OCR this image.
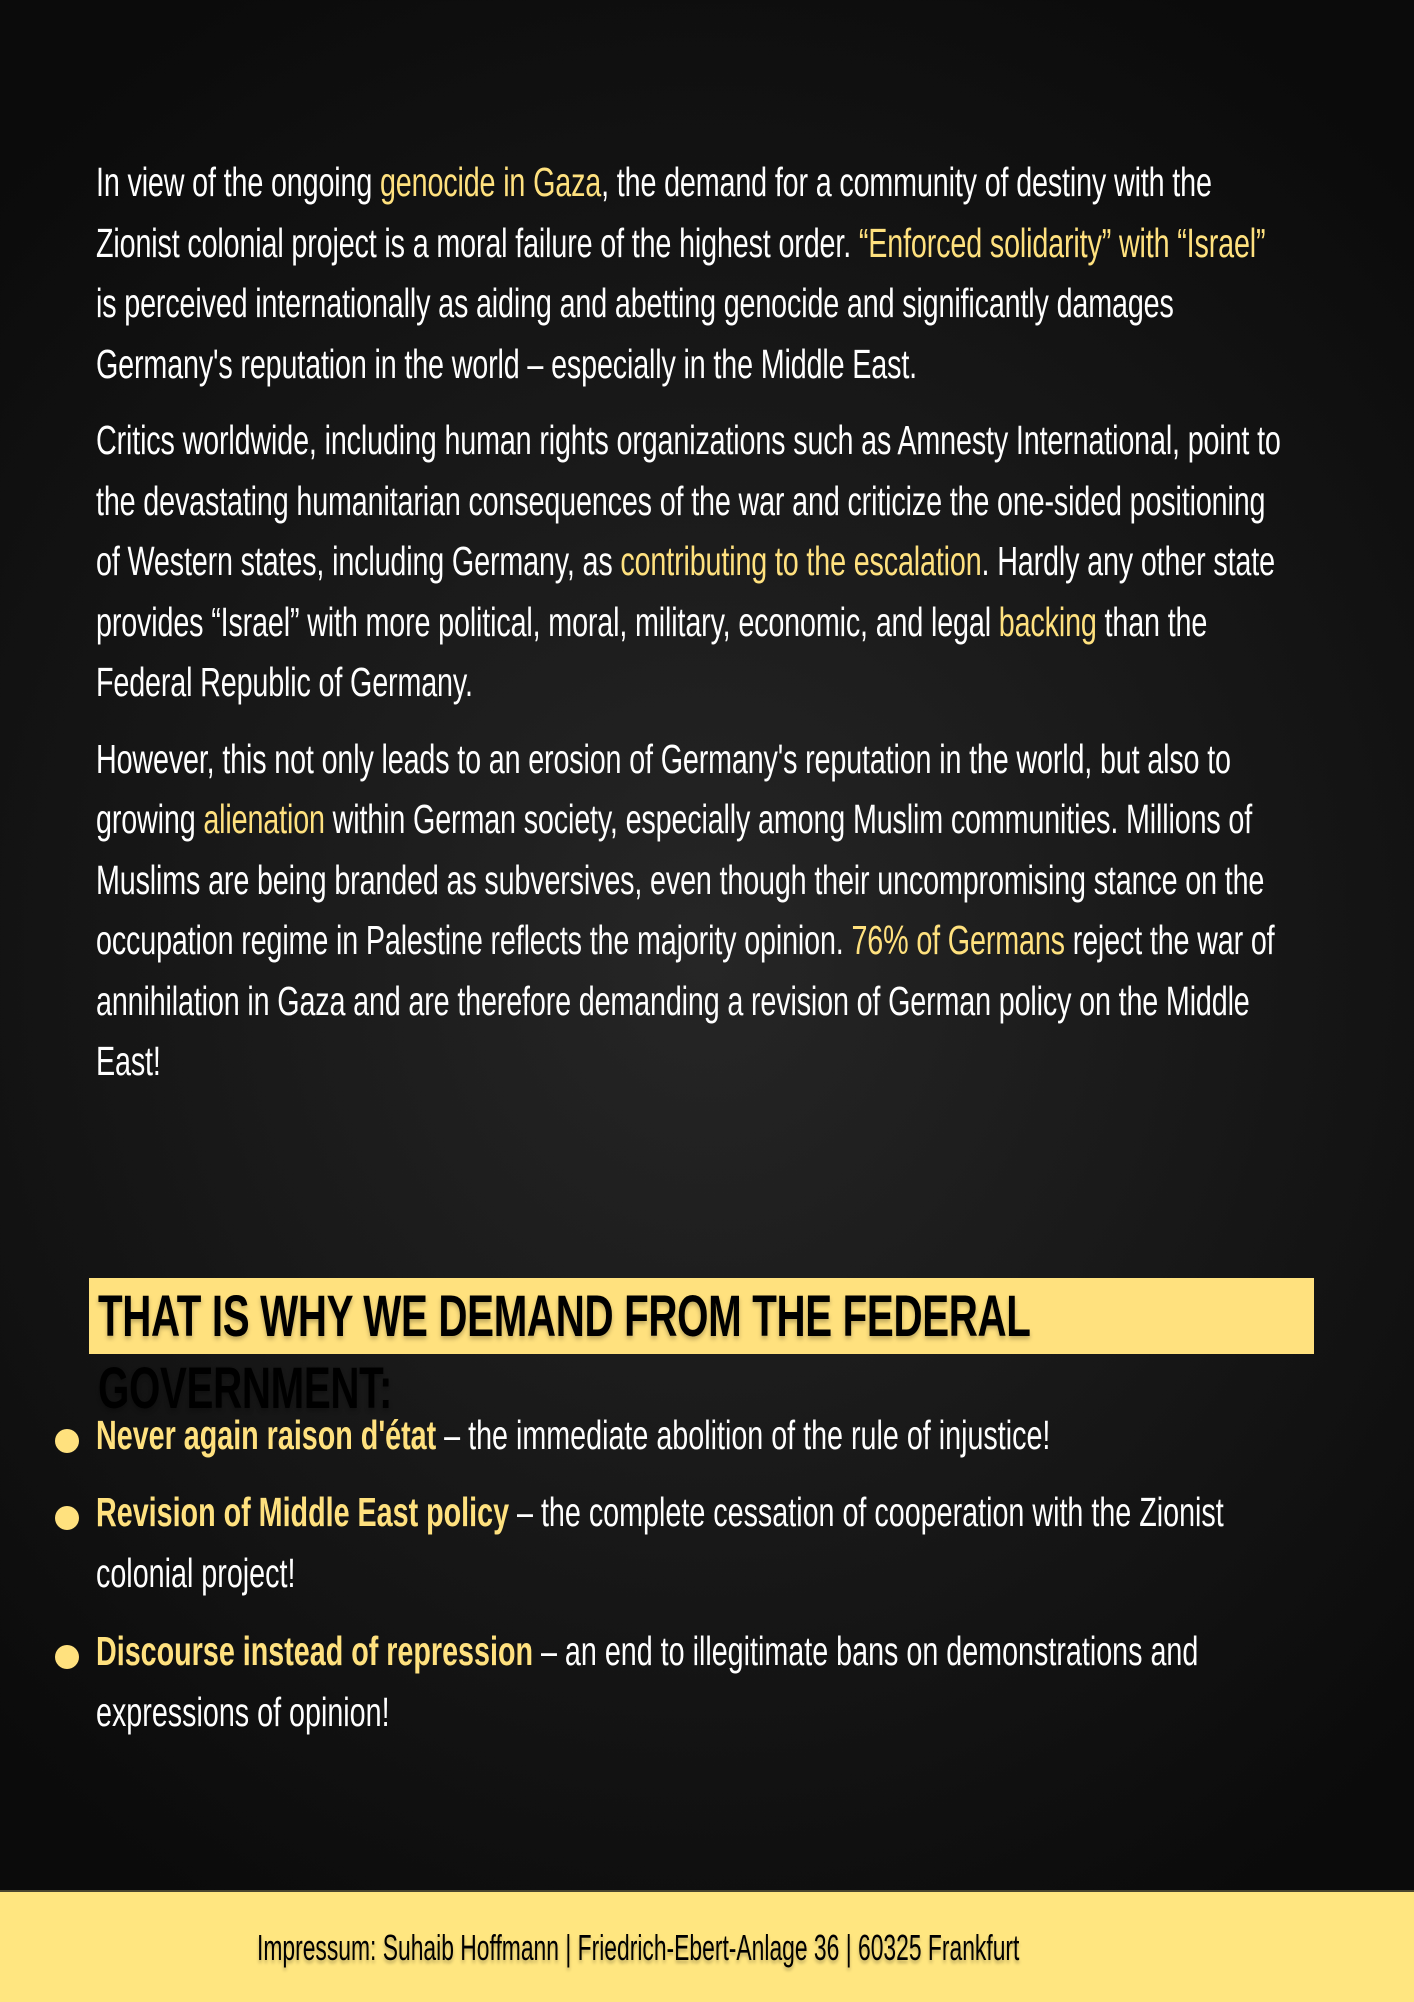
In view of the ongoing genocide in Gaza, the demand for a community of destiny with the Zionist colonial project is a moral failure of the highest order. “Enforced solidarity” with “Israel” is perceived internationally as aiding and abetting genocide and significantly damages Germany's reputation in the world – especially in the Middle East.

Critics worldwide, including human rights organizations such as Amnesty International, point to the devastating humanitarian consequences of the war and criticize the one-sided positioning of Western states, including Germany, as contributing to the escalation. Hardly any other state provides “Israel” with more political, moral, military, economic, and legal backing than the Federal Republic of Germany.

However, this not only leads to an erosion of Germany's reputation in the world, but also to growing alienation within German society, especially among Muslim communities. Millions of Muslims are being branded as subversives, even though their uncompromising stance on the occupation regime in Palestine reflects the majority opinion. 76% of Germans reject the war of annihilation in Gaza and are therefore demanding a revision of German policy on the Middle East!

THAT IS WHY WE DEMAND FROM THE FEDERAL GOVERNMENT:
Never again raison d'état – the immediate abolition of the rule of injustice!
Revision of Middle East policy – the complete cessation of cooperation with the Zionist colonial project!
Discourse instead of repression – an end to illegitimate bans on demonstrations and expressions of opinion!
Impressum: Suhaib Hoffmann | Friedrich-Ebert-Anlage 36 | 60325 Frankfurt
